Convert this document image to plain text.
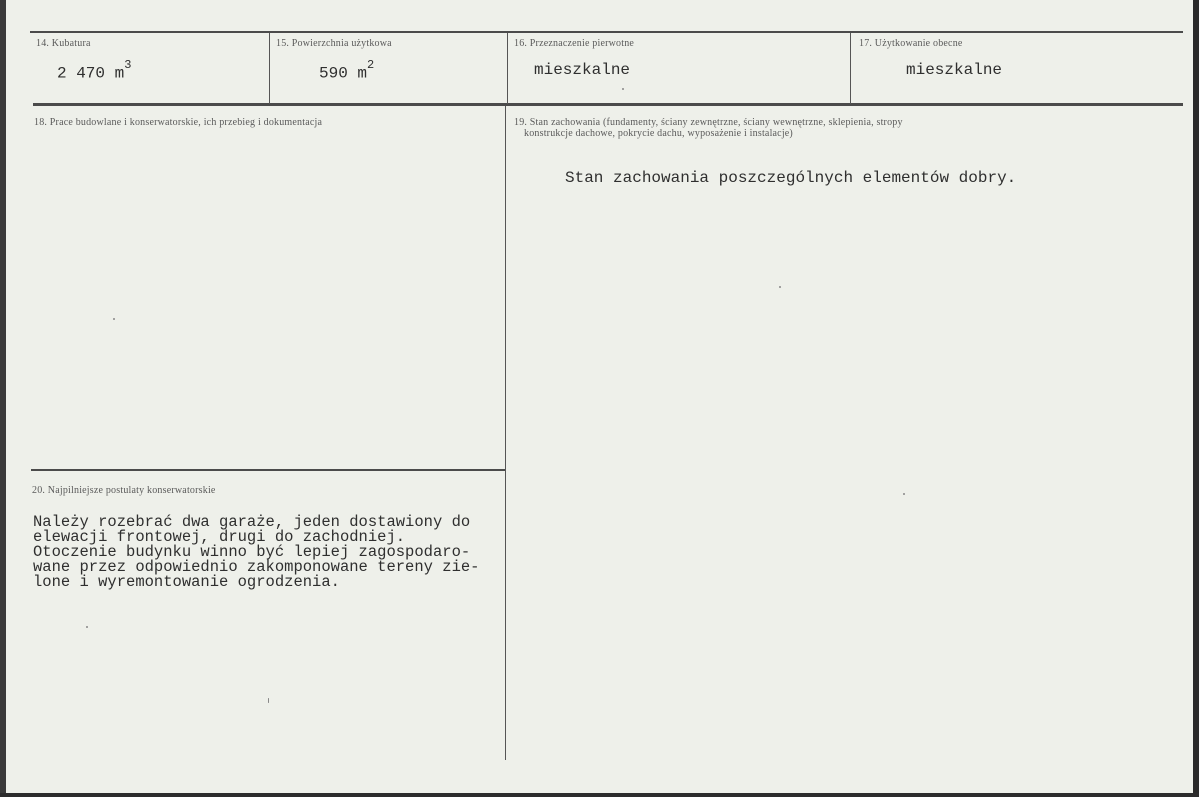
14. Kubatura
2 470 $m^3$
15. Powierzchnia użytkowa
590 $m^2$
16. Przeznaczenie pierwotne
mieszkalne
17. Użytkowanie obecne
mieszkalne
18. Prace budowlane i konserwatorskie, ich przebieg i dokumentacja	19. Stan zachowania (fundamenty, ściany zewnętrzne, ściany wewnętrzne, sklepienia, stropy
konstrukcje dachowe, pokrycie dachu, wyposażenie i instalacje)
Stan zachowania poszczególnych elementów dobry.
20. Najpilniejsze postulaty konserwatorskie
Należy rozebrać dwa garaże, jeden dostawiony do
elewacji frontowej, drugi do zachodniej.
Otoczenie budynku winno być lepiej zagospodaro-
wane przez odpowiednio zakomponowane tereny zie-
lone i wyremontowanie ogrodzenia.
